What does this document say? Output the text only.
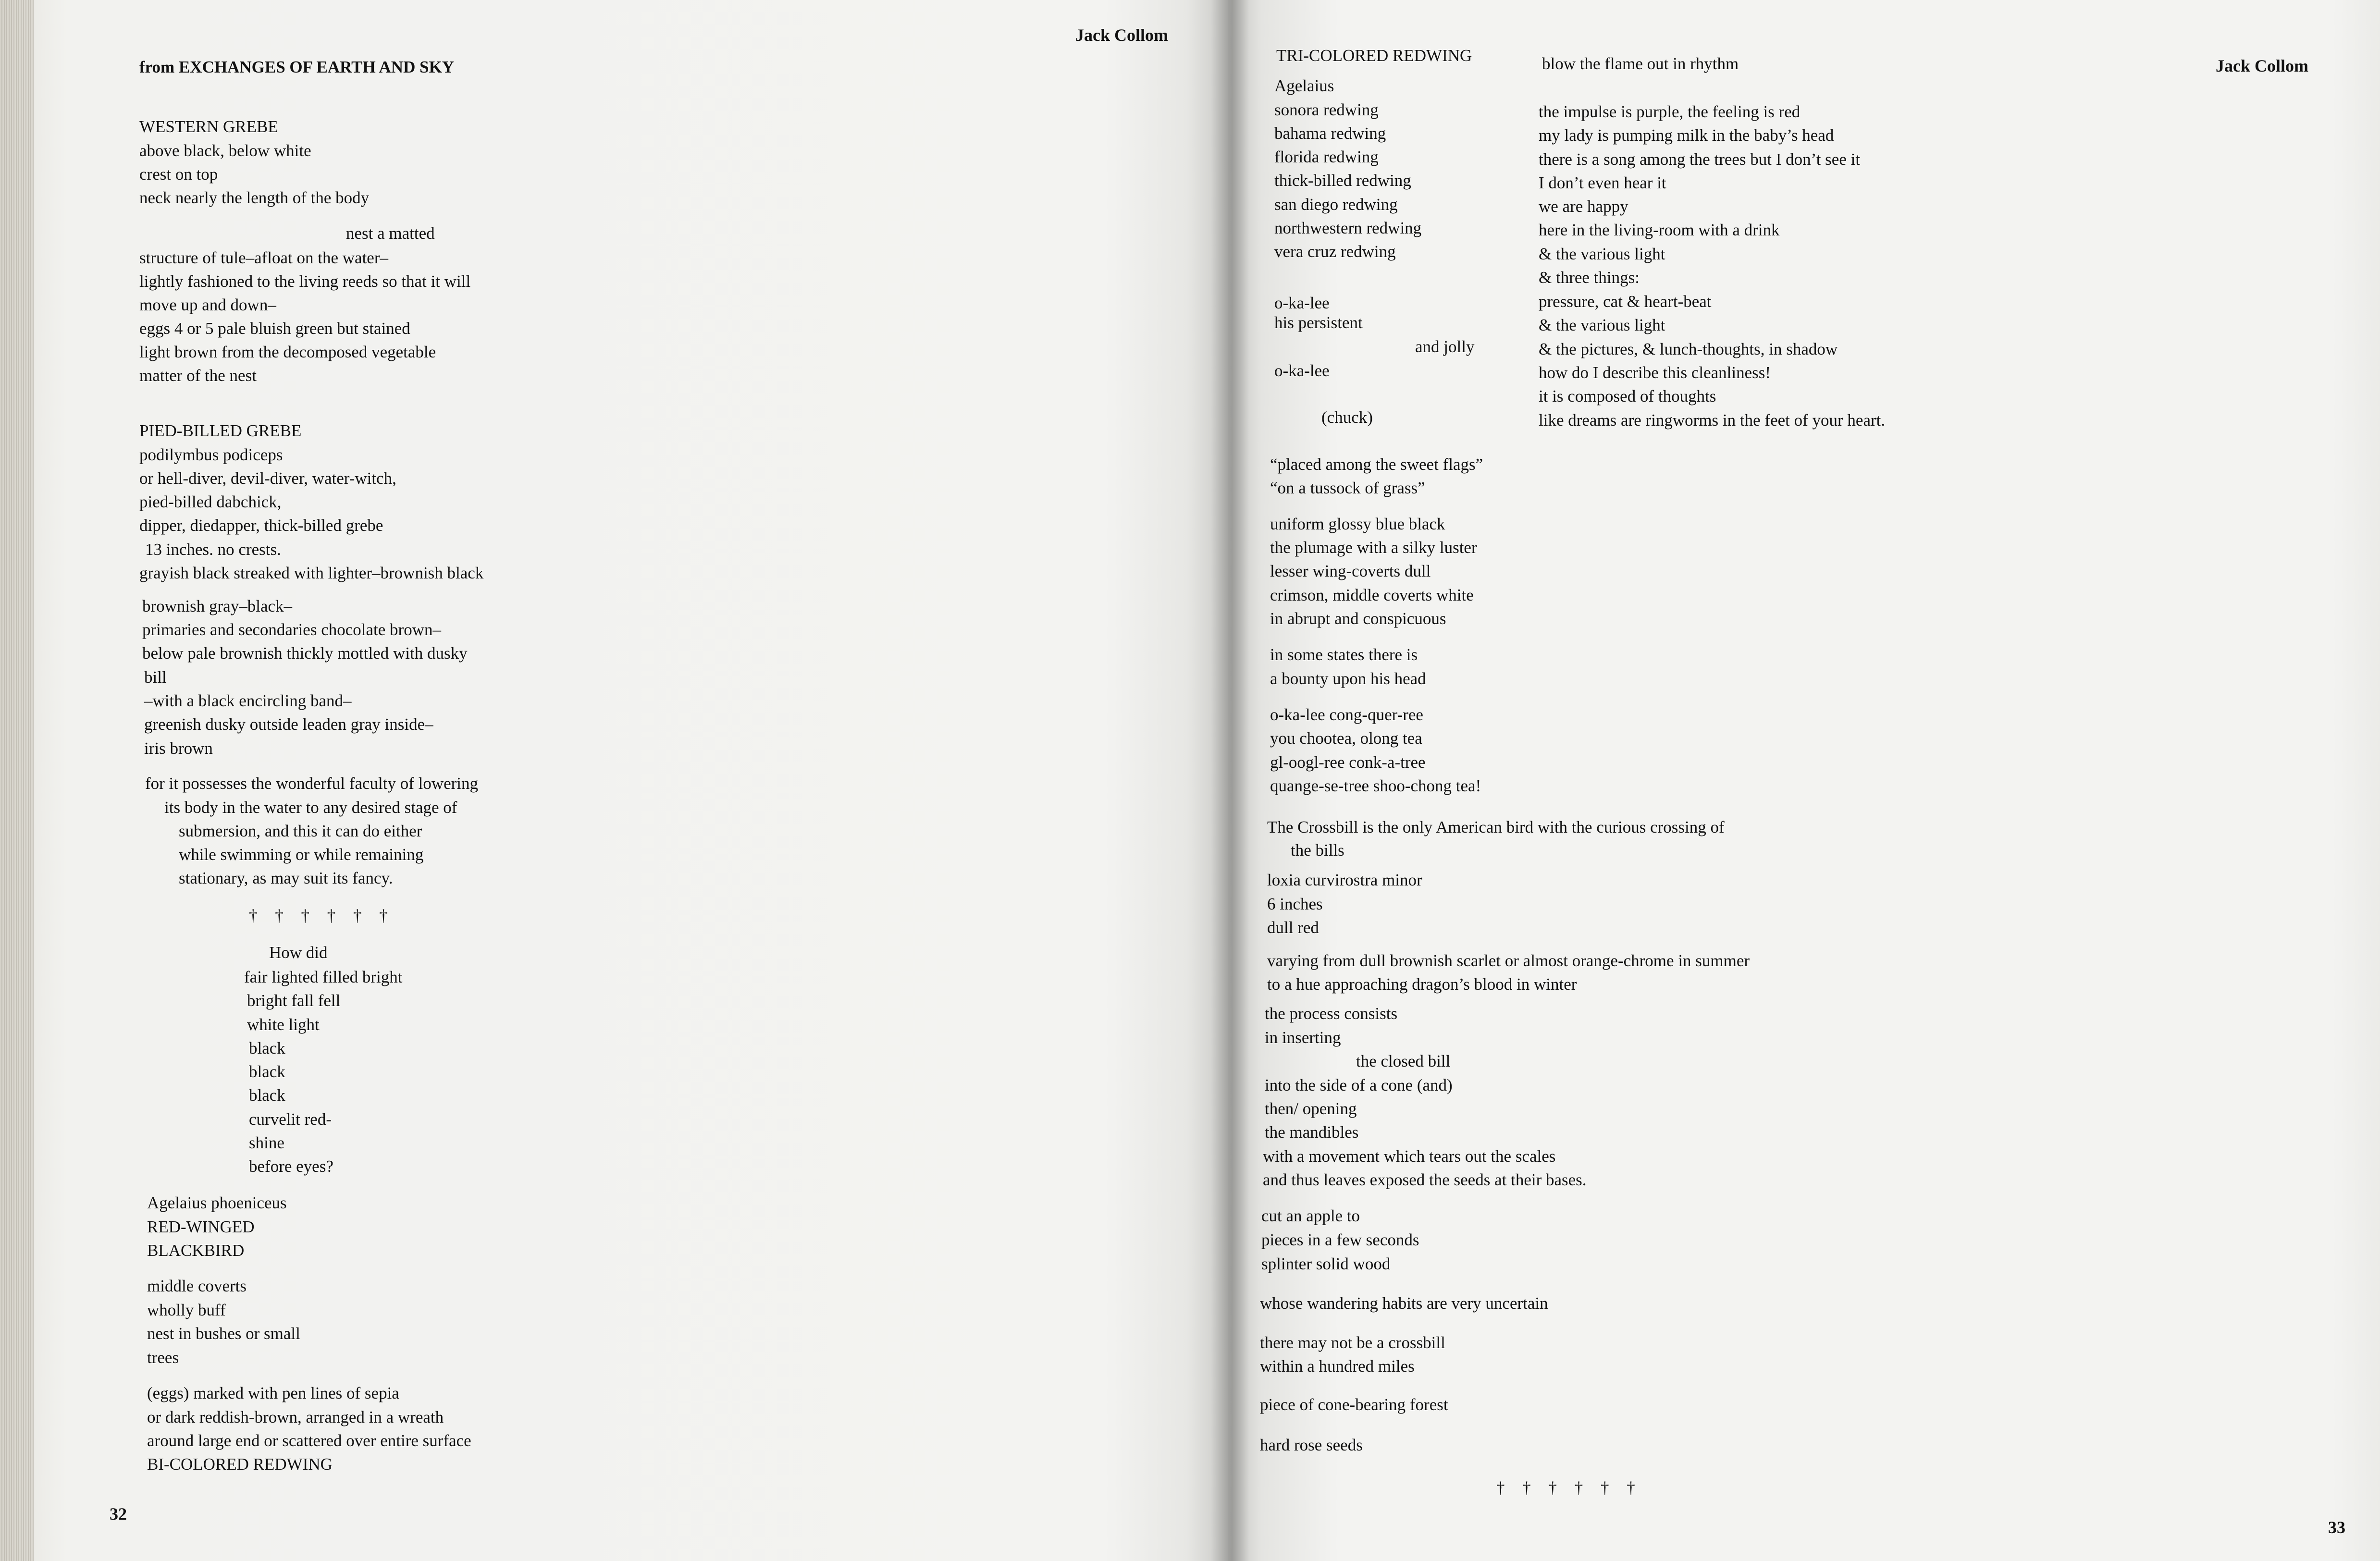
Jack Collom
from EXCHANGES OF EARTH AND SKY
WESTERN GREBE
above black, below white
crest on top
neck nearly the length of the body
nest a matted
structure of tule–afloat on the water–
lightly fashioned to the living reeds so that it will
move up and down–
eggs 4 or 5 pale bluish green but stained
light brown from the decomposed vegetable
matter of the nest
PIED-BILLED GREBE
podilymbus podiceps
or hell-diver, devil-diver, water-witch,
pied-billed dabchick,
dipper, diedapper, thick-billed grebe
13 inches. no crests.
grayish black streaked with lighter–brownish black
brownish gray–black–
primaries and secondaries chocolate brown–
below pale brownish thickly mottled with dusky
bill
–with a black encircling band–
greenish dusky outside leaden gray inside–
iris brown
for it possesses the wonderful faculty of lowering
its body in the water to any desired stage of
submersion, and this it can do either
while swimming or while remaining
stationary, as may suit its fancy.
† † † † † †
How did
fair lighted filled bright
bright fall fell
white light
black
black
black
curvelit red-
shine
before eyes?
Agelaius phoeniceus
RED-WINGED
BLACKBIRD
middle coverts
wholly buff
nest in bushes or small
trees
(eggs) marked with pen lines of sepia
or dark reddish-brown, arranged in a wreath
around large end or scattered over entire surface
BI-COLORED REDWING
32
Jack Collom
TRI-COLORED REDWING
Agelaius
sonora redwing
bahama redwing
florida redwing
thick-billed redwing
san diego redwing
northwestern redwing
vera cruz redwing
o-ka-lee
his persistent
and jolly
o-ka-lee
(chuck)
“placed among the sweet flags”
“on a tussock of grass”
uniform glossy blue black
the plumage with a silky luster
lesser wing-coverts dull
crimson, middle coverts white
in abrupt and conspicuous
in some states there is
a bounty upon his head
o-ka-lee cong-quer-ree
you chootea, olong tea
gl-oogl-ree conk-a-tree
quange-se-tree shoo-chong tea!
The Crossbill is the only American bird with the curious crossing of
the bills
loxia curvirostra minor
6 inches
dull red
varying from dull brownish scarlet or almost orange-chrome in summer
to a hue approaching dragon’s blood in winter
the process consists
in inserting
the closed bill
into the side of a cone (and)
then/ opening
the mandibles
with a movement which tears out the scales
and thus leaves exposed the seeds at their bases.
cut an apple to
pieces in a few seconds
splinter solid wood
whose wandering habits are very uncertain
there may not be a crossbill
within a hundred miles
piece of cone-bearing forest
hard rose seeds
† † † † † †
blow the flame out in rhythm
the impulse is purple, the feeling is red
my lady is pumping milk in the baby’s head
there is a song among the trees but I don’t see it
I don’t even hear it
we are happy
here in the living-room with a drink
& the various light
& three things:
pressure, cat & heart-beat
& the various light
& the pictures, & lunch-thoughts, in shadow
how do I describe this cleanliness!
it is composed of thoughts
like dreams are ringworms in the feet of your heart.
33
